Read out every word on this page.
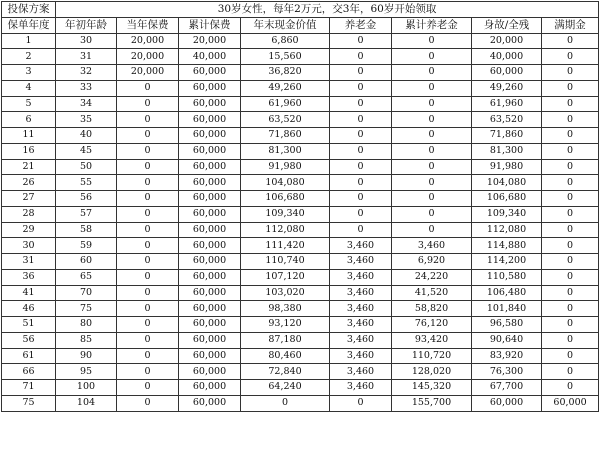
投保方案	30岁女性，每年2万元，交3年，60岁开始领取							
保单年度	年初年龄	当年保费	累计保费	年末现金价值	养老金	累计养老金	身故/全残	满期金
1	30	20,000	20,000	6,860	0	0	20,000	0
2	31	20,000	40,000	15,560	0	0	40,000	0
3	32	20,000	60,000	36,820	0	0	60,000	0
4	33	0	60,000	49,260	0	0	49,260	0
5	34	0	60,000	61,960	0	0	61,960	0
6	35	0	60,000	63,520	0	0	63,520	0
11	40	0	60,000	71,860	0	0	71,860	0
16	45	0	60,000	81,300	0	0	81,300	0
21	50	0	60,000	91,980	0	0	91,980	0
26	55	0	60,000	104,080	0	0	104,080	0
27	56	0	60,000	106,680	0	0	106,680	0
28	57	0	60,000	109,340	0	0	109,340	0
29	58	0	60,000	112,080	0	0	112,080	0
30	59	0	60,000	111,420	3,460	3,460	114,880	0
31	60	0	60,000	110,740	3,460	6,920	114,200	0
36	65	0	60,000	107,120	3,460	24,220	110,580	0
41	70	0	60,000	103,020	3,460	41,520	106,480	0
46	75	0	60,000	98,380	3,460	58,820	101,840	0
51	80	0	60,000	93,120	3,460	76,120	96,580	0
56	85	0	60,000	87,180	3,460	93,420	90,640	0
61	90	0	60,000	80,460	3,460	110,720	83,920	0
66	95	0	60,000	72,840	3,460	128,020	76,300	0
71	100	0	60,000	64,240	3,460	145,320	67,700	0
75	104	0	60,000	0	0	155,700	60,000	60,000
